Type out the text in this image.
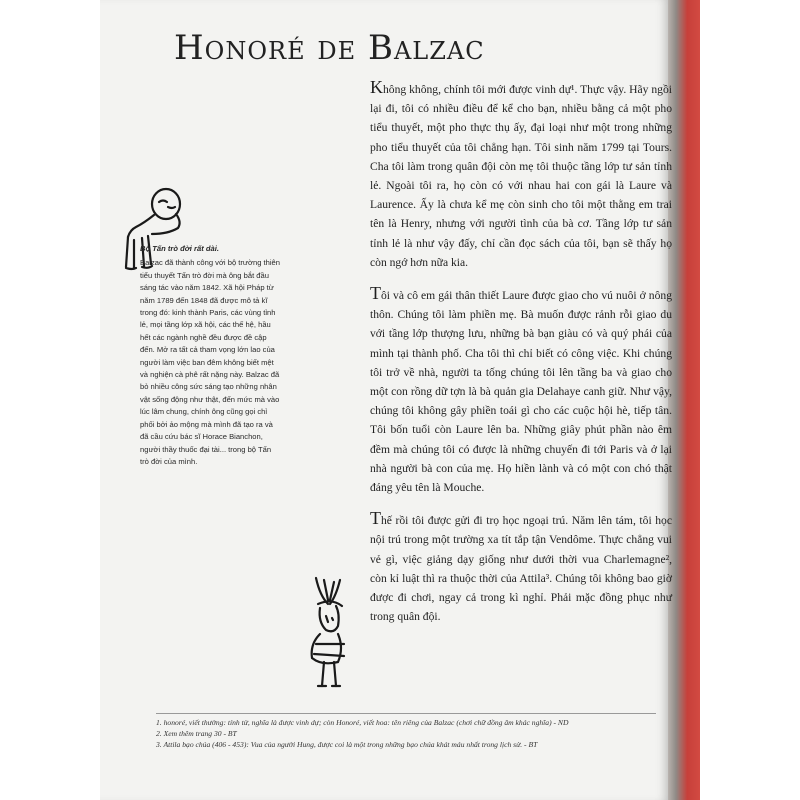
Honoré de Balzac
Bộ Tấn trò đời rất dài.
Balzac đã thành công với bộ trường thiên tiểu thuyết Tấn trò đời mà ông bắt đầu sáng tác vào năm 1842. Xã hội Pháp từ năm 1789 đến 1848 đã được mô tả kĩ trong đó: kinh thành Paris, các vùng tỉnh lẻ, mọi tầng lớp xã hội, các thế hệ, hầu hết các ngành nghề đều được đề cập đến. Mở ra tất cả tham vọng lớn lao của người làm việc ban đêm không biết mệt và nghiện cà phê rất nặng này. Balzac đã bỏ nhiều công sức sáng tạo những nhân vật sống động như thật, đến mức mà vào lúc lâm chung, chính ông cũng gọi chỉ phối bởi ảo mộng mà mình đã tạo ra và đã cầu cứu bác sĩ Horace Bianchon, người thầy thuốc đại tài... trong bộ Tấn trò đời của mình.

Không không, chính tôi mới được vinh dự¹. Thực vậy. Hãy ngồi lại đi, tôi có nhiều điều để kể cho bạn, nhiều bằng cả một pho tiểu thuyết, một pho thực thụ ấy, đại loại như một trong những pho tiểu thuyết của tôi chẳng hạn. Tôi sinh năm 1799 tại Tours. Cha tôi làm trong quân đội còn mẹ tôi thuộc tầng lớp tư sản tỉnh lẻ. Ngoài tôi ra, họ còn có với nhau hai con gái là Laure và Laurence. Ấy là chưa kể mẹ còn sinh cho tôi một thằng em trai tên là Henry, nhưng với người tình của bà cơ. Tầng lớp tư sản tỉnh lẻ là như vậy đấy, chỉ cần đọc sách của tôi, bạn sẽ thấy họ còn ngớ hơn nữa kia.

Tôi và cô em gái thân thiết Laure được giao cho vú nuôi ở nông thôn. Chúng tôi làm phiền mẹ. Bà muốn được rảnh rỗi giao du với tầng lớp thượng lưu, những bà bạn giàu có và quý phái của mình tại thành phố. Cha tôi thì chỉ biết có công việc. Khi chúng tôi trở về nhà, người ta tống chúng tôi lên tầng ba và giao cho một con rồng dữ tợn là bà quản gia Delahaye canh giữ. Như vậy, chúng tôi không gây phiền toái gì cho các cuộc hội hè, tiếp tân. Tôi bốn tuổi còn Laure lên ba. Những giây phút phần nào êm đềm mà chúng tôi có được là những chuyến đi tới Paris và ở lại nhà người bà con của mẹ. Họ hiền lành và có một con chó thật đáng yêu tên là Mouche.

Thế rồi tôi được gửi đi trọ học ngoại trú. Năm lên tám, tôi học nội trú trong một trường xa tít tắp tận Vendôme. Thực chẳng vui vẻ gì, việc giảng dạy giống như dưới thời vua Charlemagne², còn kỉ luật thì ra thuộc thời của Attila³. Chúng tôi không bao giờ được đi chơi, ngay cả trong kì nghỉ. Phải mặc đồng phục như trong quân đội.

1. honoré, viết thường: tính từ, nghĩa là được vinh dự; còn Honoré, viết hoa: tên riêng của Balzac (chơi chữ đồng âm khác nghĩa) - ND
2. Xem thêm trang 30 - BT
3. Attila bạo chúa (406 - 453): Vua của người Hung, được coi là một trong những bạo chúa khát máu nhất trong lịch sử. - BT
